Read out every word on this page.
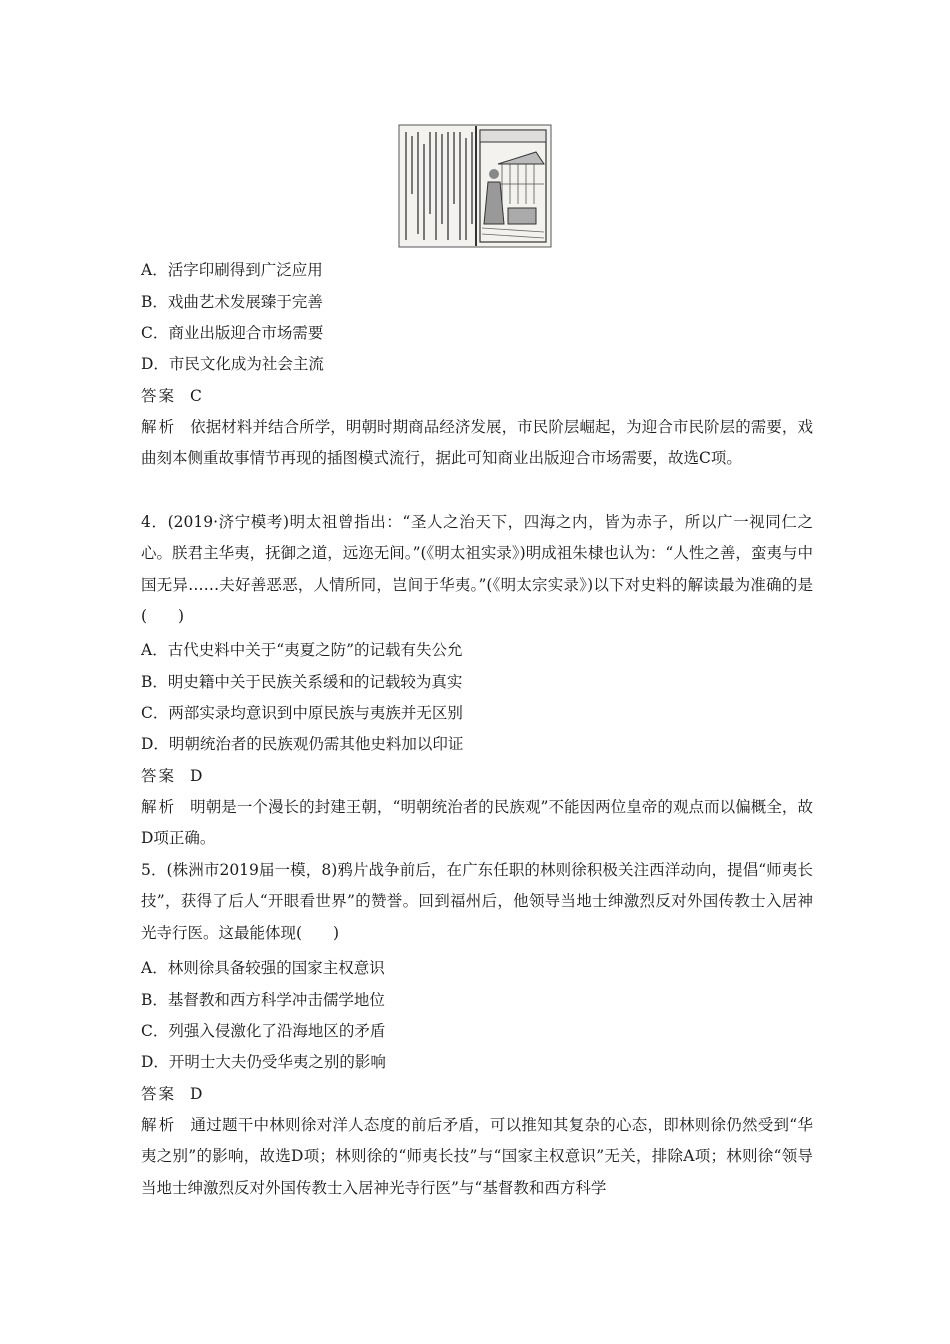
A．活字印刷得到广泛应用
B．戏曲艺术发展臻于完善
C．商业出版迎合市场需要
D．市民文化成为社会主流
答案 C
解析 依据材料并结合所学，明朝时期商品经济发展，市民阶层崛起，为迎合市民阶层的需要，戏曲刻本侧重故事情节再现的插图模式流行，据此可知商业出版迎合市场需要，故选C项。
4．(2019·济宁模考)明太祖曾指出：“圣人之治天下，四海之内，皆为赤子，所以广一视同仁之心。朕君主华夷，抚御之道，远迩无间。”(《明太祖实录》)明成祖朱棣也认为：“人性之善，蛮夷与中国无异……夫好善恶恶，人情所同，岂间于华夷。”(《明太宗实录》)以下对史料的解读最为准确的是(　　)
A．古代史料中关于“夷夏之防”的记载有失公允
B．明史籍中关于民族关系缓和的记载较为真实
C．两部实录均意识到中原民族与夷族并无区别
D．明朝统治者的民族观仍需其他史料加以印证
答案 D
解析 明朝是一个漫长的封建王朝，“明朝统治者的民族观”不能因两位皇帝的观点而以偏概全，故D项正确。
5．(株洲市2019届一模，8)鸦片战争前后，在广东任职的林则徐积极关注西洋动向，提倡“师夷长技”，获得了后人“开眼看世界”的赞誉。回到福州后，他领导当地士绅激烈反对外国传教士入居神光寺行医。这最能体现(　　)
A．林则徐具备较强的国家主权意识
B．基督教和西方科学冲击儒学地位
C．列强入侵激化了沿海地区的矛盾
D．开明士大夫仍受华夷之别的影响
答案 D
解析 通过题干中林则徐对洋人态度的前后矛盾，可以推知其复杂的心态，即林则徐仍然受到“华夷之别”的影响，故选D项；林则徐的“师夷长技”与“国家主权意识”无关，排除A项；林则徐“领导当地士绅激烈反对外国传教士入居神光寺行医”与“基督教和西方科学
